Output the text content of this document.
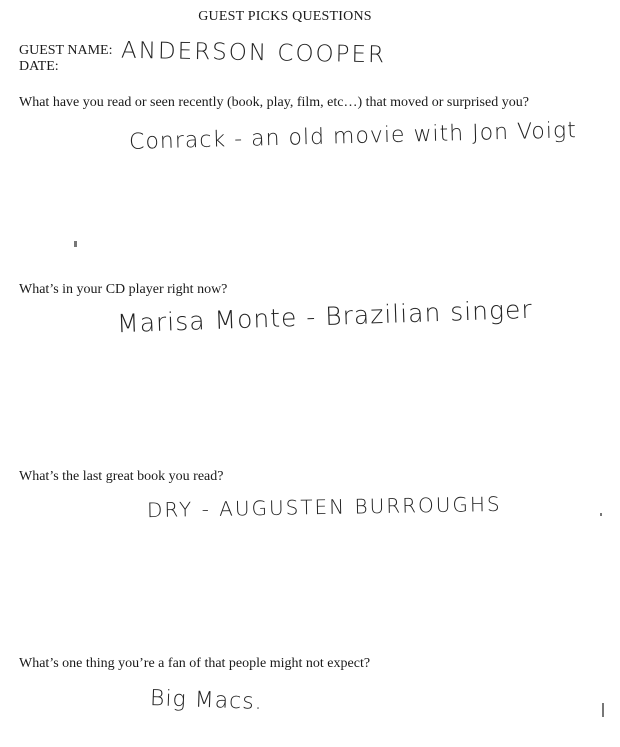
GUEST PICKS QUESTIONS
GUEST NAME:
DATE:	ANDERSON COOPER
What have you read or seen recently (book, play, film, etc…) that moved or surprised you?
Conrack - an old movie with Jon Voigt
What’s in your CD player right now?
Marisa Monte - Brazilian singer
What’s the last great book you read?
DRY - AUGUSTEN BURROUGHS
What’s one thing you’re a fan of that people might not expect?
Big Macs.
